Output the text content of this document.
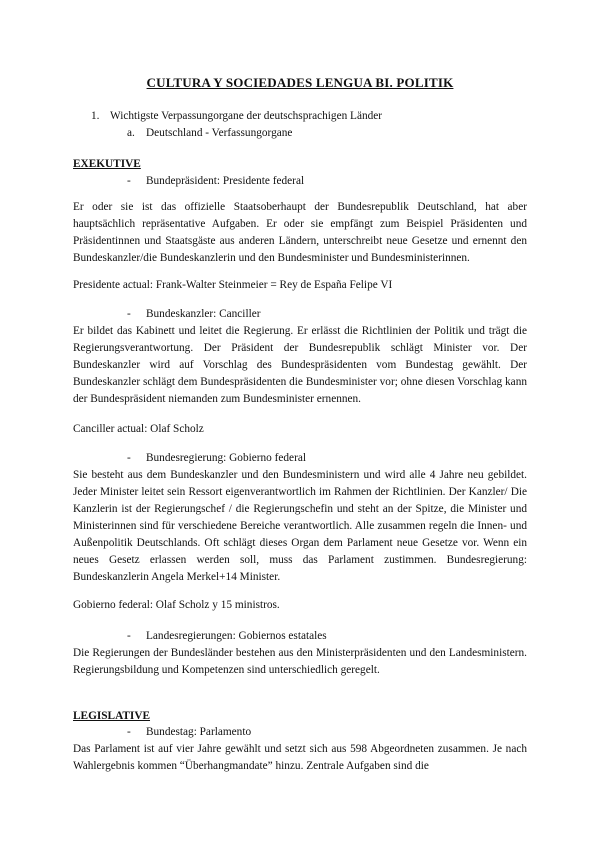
CULTURA Y SOCIEDADES LENGUA BI. POLITIK
1. Wichtigste Verpassungorgane der deutschsprachigen Länder
a. Deutschland - Verfassungorgane
EXEKUTIVE
- Bundepräsident: Presidente federal
Er oder sie ist das offizielle Staatsoberhaupt der Bundesrepublik Deutschland, hat aber hauptsächlich repräsentative Aufgaben. Er oder sie empfängt zum Beispiel Präsidenten und Präsidentinnen und Staatsgäste aus anderen Ländern, unterschreibt neue Gesetze und ernennt den Bundeskanzler/die Bundeskanzlerin und den Bundesminister und Bundesministerinnen.
Presidente actual: Frank-Walter Steinmeier = Rey de España Felipe VI
- Bundeskanzler: Canciller
Er bildet das Kabinett und leitet die Regierung. Er erlässt die Richtlinien der Politik und trägt die Regierungsverantwortung. Der Präsident der Bundesrepublik schlägt Minister vor. Der Bundeskanzler wird auf Vorschlag des Bundespräsidenten vom Bundestag gewählt. Der Bundeskanzler schlägt dem Bundespräsidenten die Bundesminister vor; ohne diesen Vorschlag kann der Bundespräsident niemanden zum Bundesminister ernennen.
Canciller actual: Olaf Scholz
- Bundesregierung: Gobierno federal
Sie besteht aus dem Bundeskanzler und den Bundesministern und wird alle 4 Jahre neu gebildet. Jeder Minister leitet sein Ressort eigenverantwortlich im Rahmen der Richtlinien. Der Kanzler/ Die Kanzlerin ist der Regierungschef / die Regierungschefin und steht an der Spitze, die Minister und Ministerinnen sind für verschiedene Bereiche verantwortlich. Alle zusammen regeln die Innen- und Außenpolitik Deutschlands. Oft schlägt dieses Organ dem Parlament neue Gesetze vor. Wenn ein neues Gesetz erlassen werden soll, muss das Parlament zustimmen. Bundesregierung: Bundeskanzlerin Angela Merkel+14 Minister.
Gobierno federal: Olaf Scholz y 15 ministros.
- Landesregierungen: Gobiernos estatales
Die Regierungen der Bundesländer bestehen aus den Ministerpräsidenten und den Landesministern. Regierungsbildung und Kompetenzen sind unterschiedlich geregelt.
LEGISLATIVE
- Bundestag: Parlamento
Das Parlament ist auf vier Jahre gewählt und setzt sich aus 598 Abgeordneten zusammen. Je nach Wahlergebnis kommen “Überhangmandate” hinzu. Zentrale Aufgaben sind die
